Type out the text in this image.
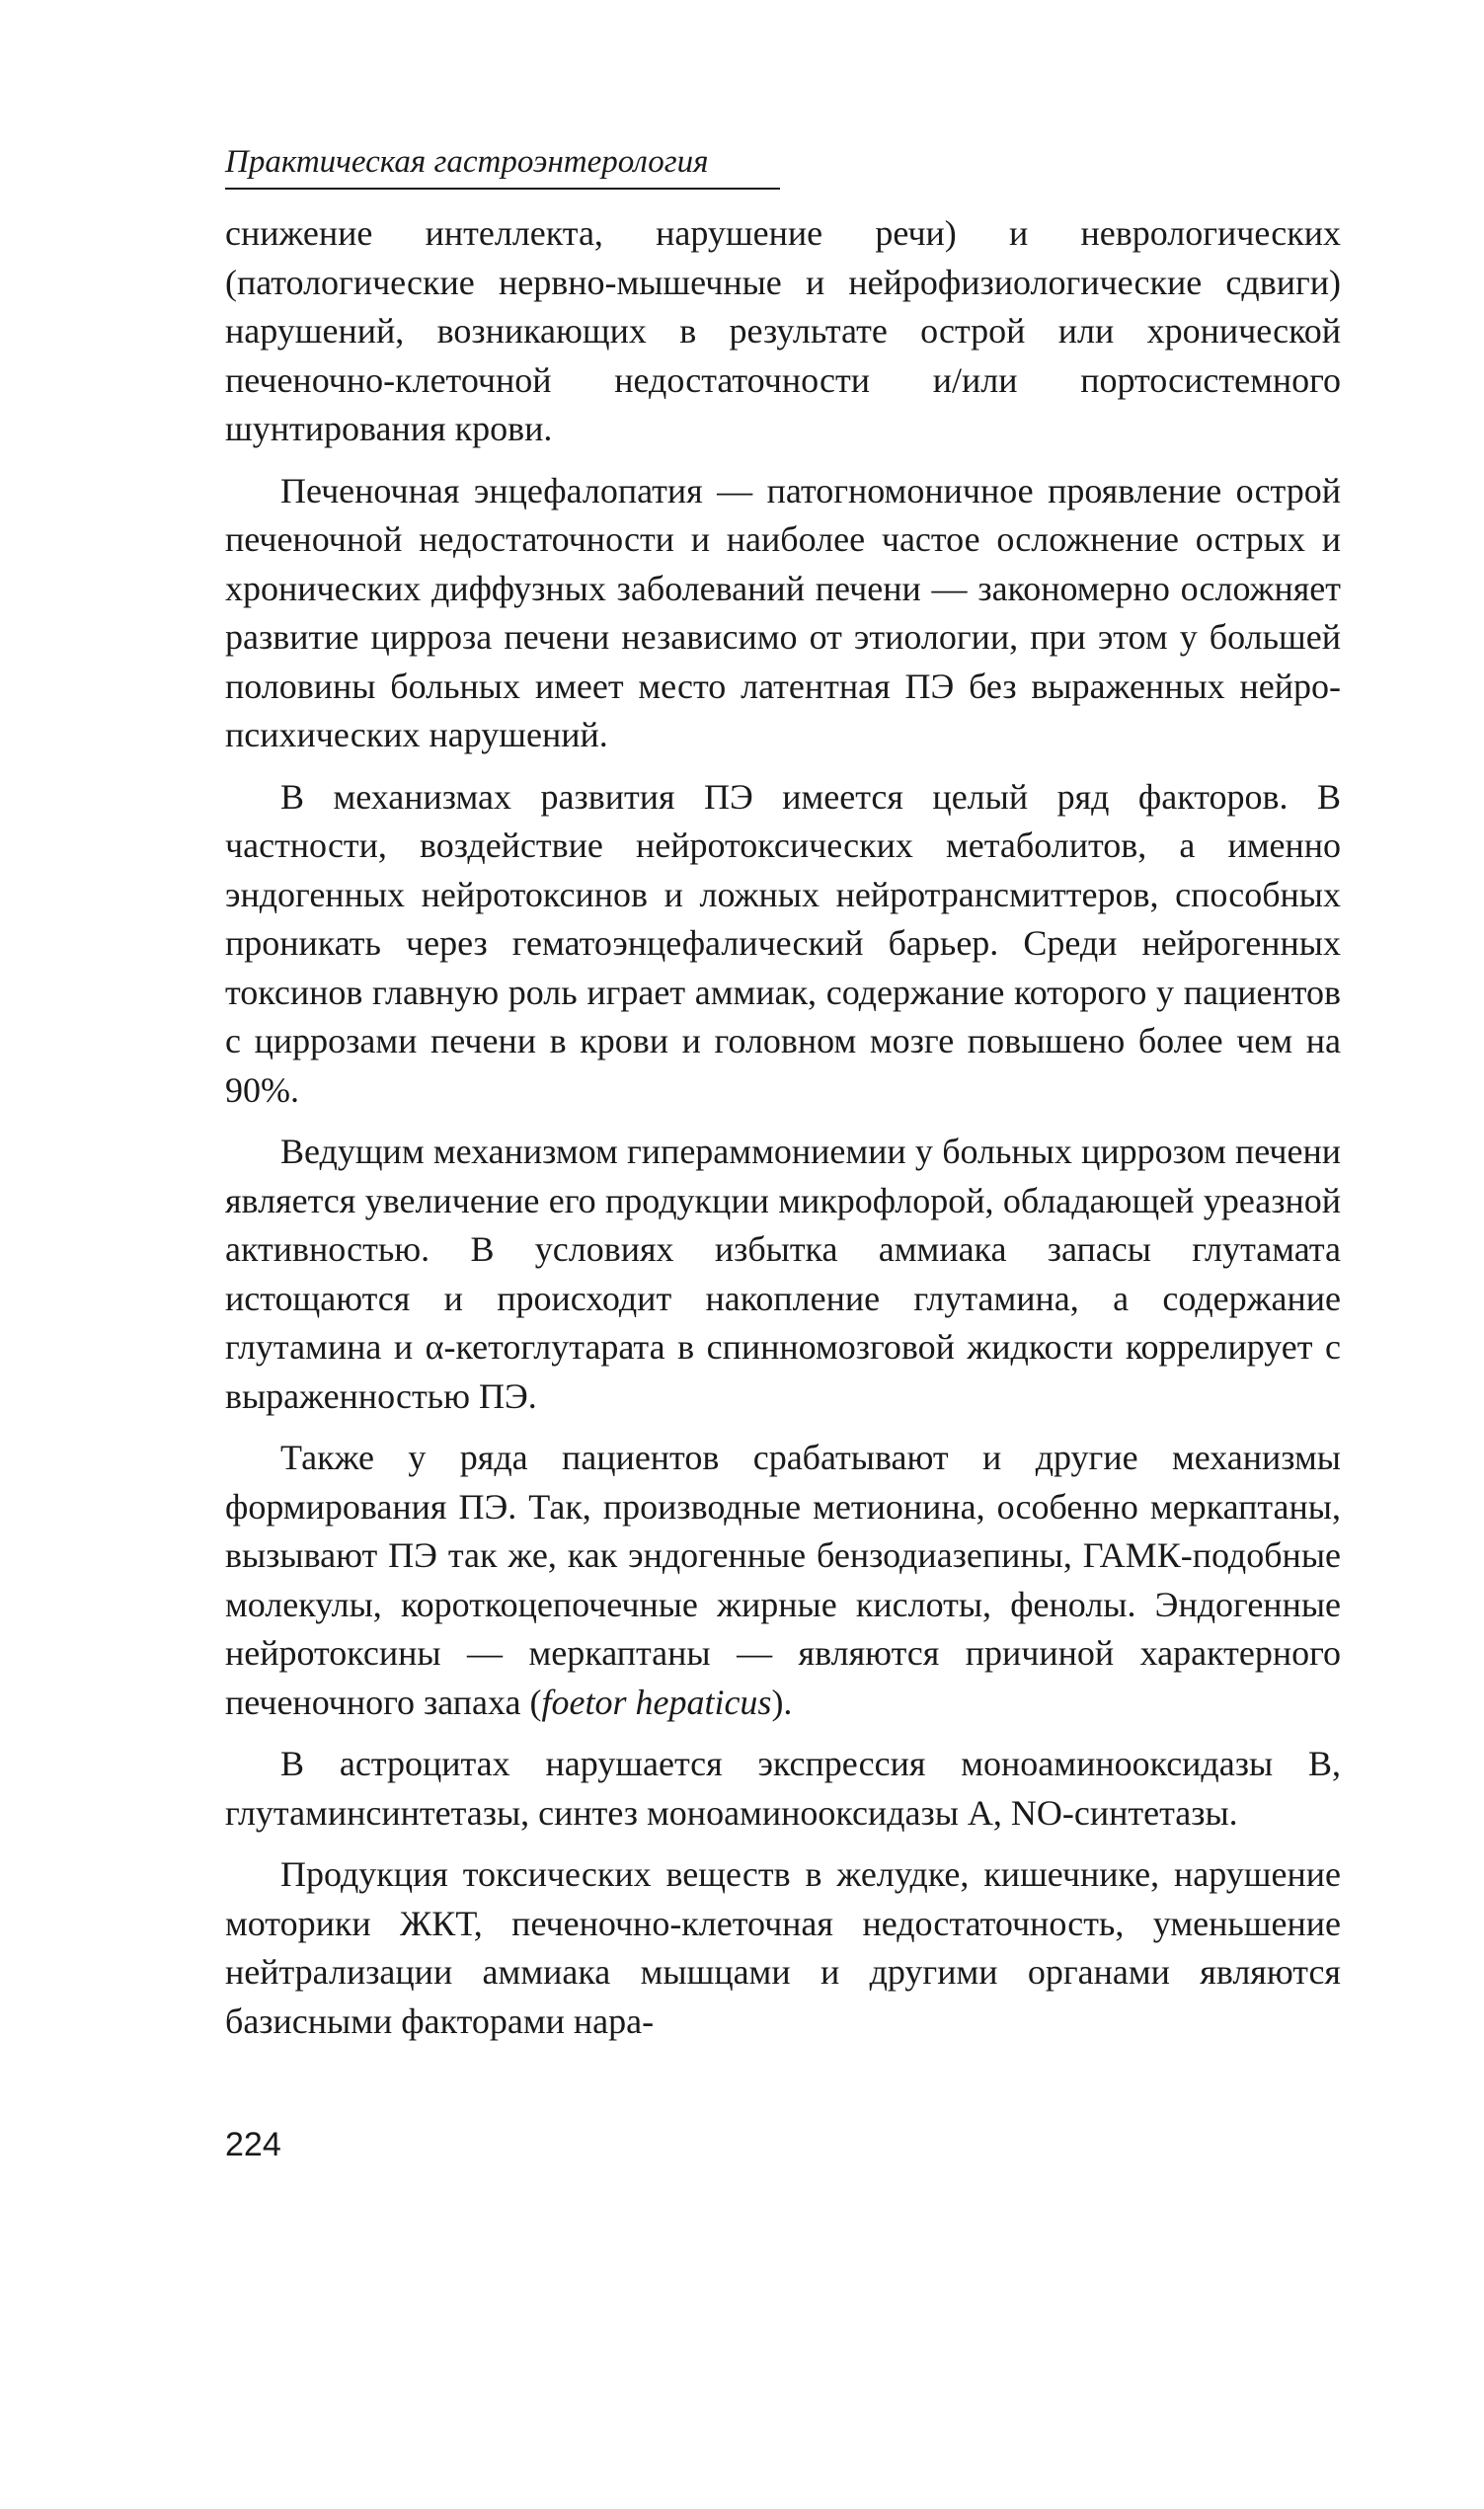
Практическая гастроэнтерология

снижение интеллекта, нарушение речи) и неврологических (патологические нервно-мышечные и нейрофизиологические сдвиги) нарушений, возникающих в результате острой или хронической печеночно-клеточной недостаточности и/или портосистемного шунтирования крови.

Печеночная энцефалопатия — патогномоничное проявление острой печеночной недостаточности и наиболее частое осложнение острых и хронических диффузных заболеваний печени — закономерно осложняет развитие цирроза печени независимо от этиологии, при этом у большей половины больных имеет место латентная ПЭ без выраженных нейропсихических нарушений.

В механизмах развития ПЭ имеется целый ряд факторов. В частности, воздействие нейротоксических метаболитов, а именно эндогенных нейротоксинов и ложных нейротрансмиттеров, способных проникать через гематоэнцефалический барьер. Среди нейрогенных токсинов главную роль играет аммиак, содержание которого у пациентов с циррозами печени в крови и головном мозге повышено более чем на 90%.

Ведущим механизмом гипераммониемии у больных циррозом печени является увеличение его продукции микрофлорой, обладающей уреазной активностью. В условиях избытка аммиака запасы глутамата истощаются и происходит накопление глутамина, а содержание глутамина и α-кетоглутарата в спинномозговой жидкости коррелирует с выраженностью ПЭ.

Также у ряда пациентов срабатывают и другие механизмы формирования ПЭ. Так, производные метионина, особенно меркаптаны, вызывают ПЭ так же, как эндогенные бензодиазепины, ГАМК-подобные молекулы, короткоцепочечные жирные кислоты, фенолы. Эндогенные нейротоксины — меркаптаны — являются причиной характерного печеночного запаха (foetor hepaticus).

В астроцитах нарушается экспрессия моноаминооксидазы В, глутаминсинтетазы, синтез моноаминооксидазы А, NO-синтетазы.

Продукция токсических веществ в желудке, кишечнике, нарушение моторики ЖКТ, печеночно-клеточная недостаточность, уменьшение нейтрализации аммиака мышцами и другими органами являются базисными факторами нара-

224
